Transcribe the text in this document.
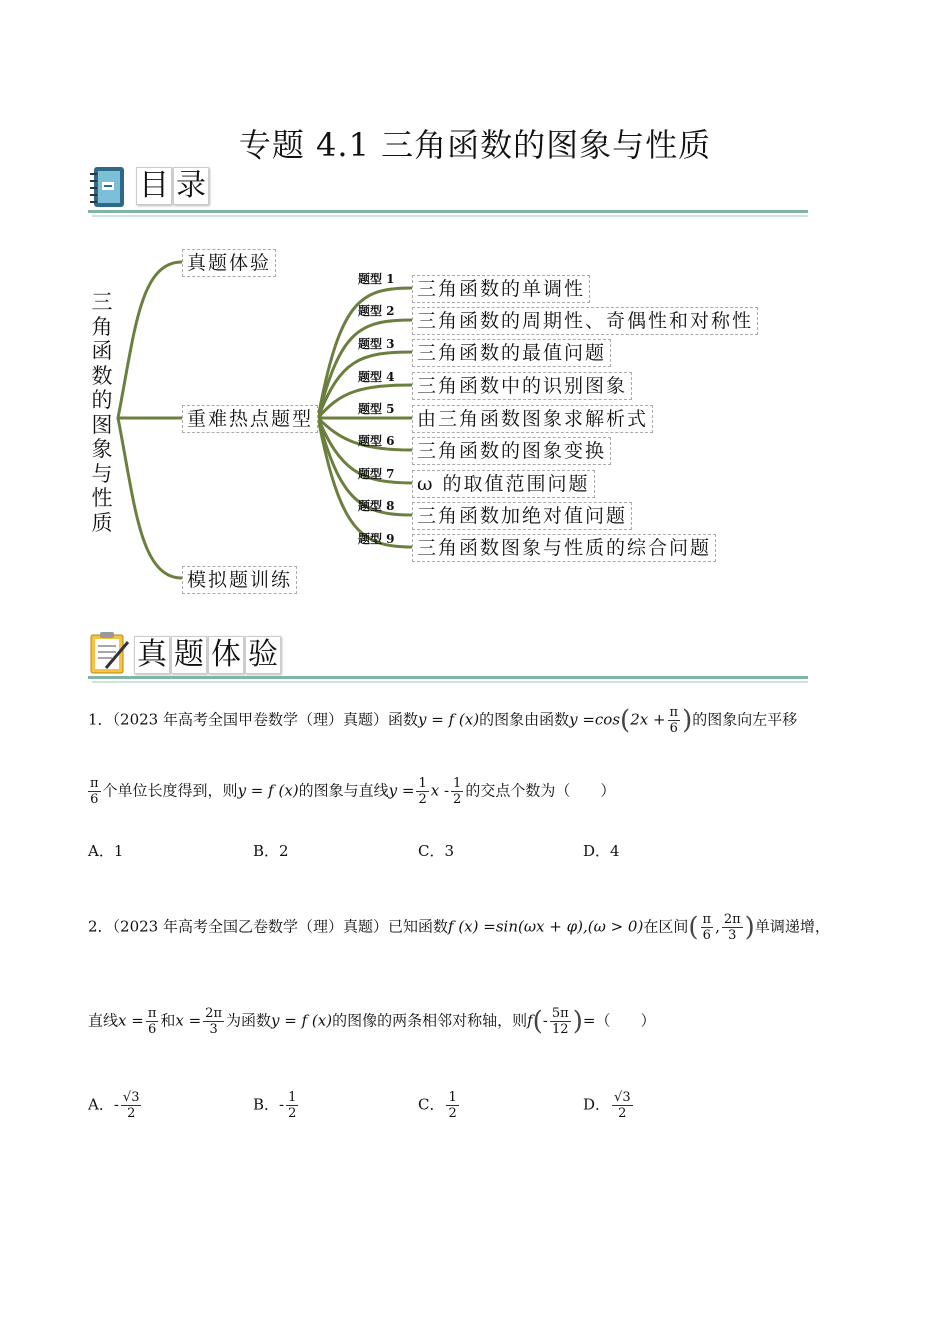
专题 4.1 三角函数的图象与性质
目 录
三角函数的图象与性质
真题体验
重难热点题型
模拟题训练
题型 1 三角函数的单调性
题型 2 三角函数的周期性、奇偶性和对称性
题型 3 三角函数的最值问题
题型 4 三角函数中的识别图象
题型 5 由三角函数图象求解析式
题型 6 三角函数的图象变换
题型 7 ω 的取值范围问题
题型 8 三角函数加绝对值问题
题型 9 三角函数图象与性质的综合问题
真 题 体 验
1．（2023 年高考全国甲卷数学（理）真题）函数y = f (x)的图象由函数$y =\cos(2x + \frac{\pi}{6}$ )的图象向左平移
$\frac{\pi}{6}$ 个单位长度得到，则y = f (x)的图象与直线$y = \frac{1}{2}$ x - $\frac{1}{2}$ 的交点个数为（　　）
A．1	B．2	C．3	D．4
2．（2023 年高考全国乙卷数学（理）真题）已知函数f (x) =sin(ωx + φ),(ω > 0)在区间( $\frac{\pi}{6}$ , $\frac{2\pi}{3}$ )单调递增，
直线$x = \frac{\pi}{6}$ 和$x = \frac{2\pi}{3}$ 为函数y = f (x)的图像的两条相邻对称轴，则$f(- \frac{5\pi}{12}$ )=（　　）
A．- $\frac{√3}{2}$	B．- $\frac{1}{2}$	C． $\frac{1}{2}$	D． $\frac{√3}{2}$
